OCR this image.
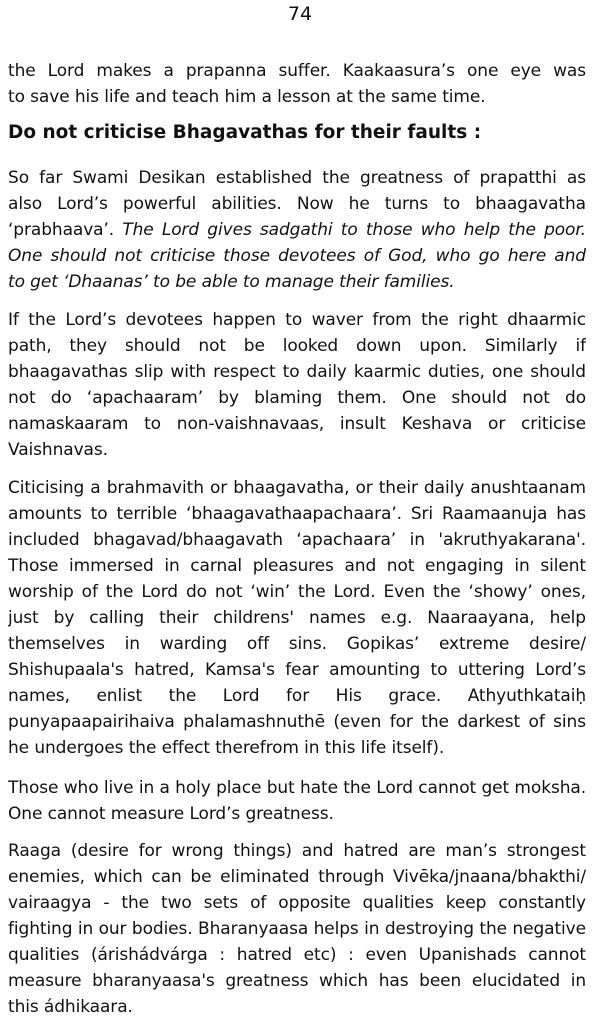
74
the Lord makes a prapanna suffer. Kaakaasura’s one eye was
to save his life and teach him a lesson at the same time.
Do not criticise Bhagavathas for their faults :
So far Swami Desikan established the greatness of prapatthi as
also Lord’s powerful abilities. Now he turns to bhaagavatha
‘prabhaava’. The Lord gives sadgathi to those who help the poor.
One should not criticise those devotees of God, who go here and
to get ‘Dhaanas’ to be able to manage their families.
If the Lord’s devotees happen to waver from the right dhaarmic
path, they should not be looked down upon. Similarly if
bhaagavathas slip with respect to daily kaarmic duties, one should
not do ‘apachaaram’ by blaming them. One should not do
namaskaaram to non-vaishnavaas, insult Keshava or criticise
Vaishnavas.
Citicising a brahmavith or bhaagavatha, or their daily anushtaanam
amounts to terrible ‘bhaagavathaapachaara’. Sri Raamaanuja has
included bhagavad/bhaagavath ‘apachaara’ in 'akruthyakarana'.
Those immersed in carnal pleasures and not engaging in silent
worship of the Lord do not ‘win’ the Lord. Even the ‘showy’ ones,
just by calling their childrens' names e.g. Naaraayana, help
themselves in warding off sins. Gopikas’ extreme desire/
Shishupaala's hatred, Kamsa's fear amounting to uttering Lord’s
names, enlist the Lord for His grace. Athyuthkataiḥ
punyapaapairihaiva phalamashnuthē (even for the darkest of sins
he undergoes the effect therefrom in this life itself).
Those who live in a holy place but hate the Lord cannot get moksha.
One cannot measure Lord’s greatness.
Raaga (desire for wrong things) and hatred are man’s strongest
enemies, which can be eliminated through Vivēka/jnaana/bhakthi/
vairaagya - the two sets of opposite qualities keep constantly
fighting in our bodies. Bharanyaasa helps in destroying the negative
qualities (árishádvárga : hatred etc) : even Upanishads cannot
measure bharanyaasa's greatness which has been elucidated in
this ádhikaara.
